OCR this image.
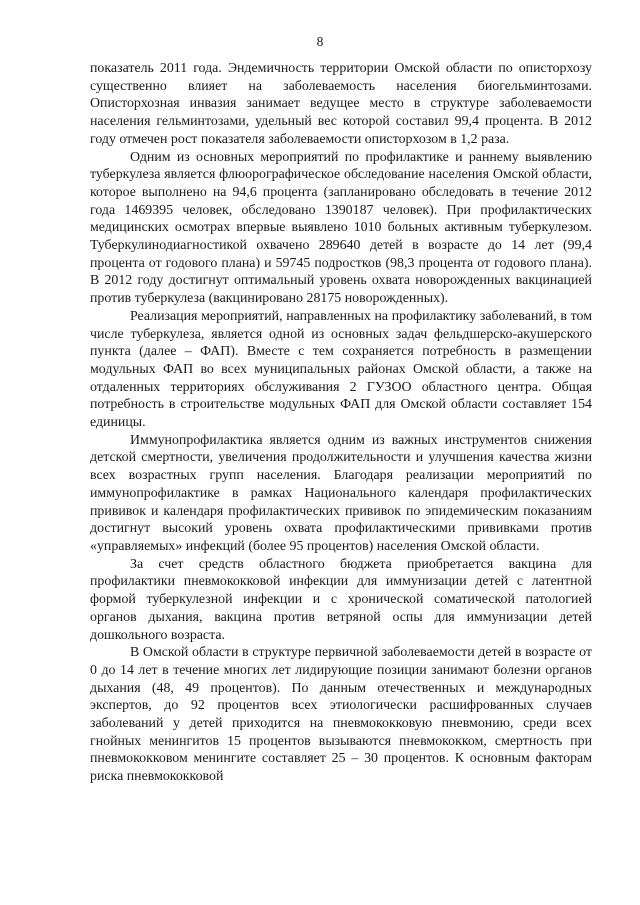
8

показатель 2011 года. Эндемичность территории Омской области по описторхозу существенно влияет на заболеваемость населения биогельминтозами. Описторхозная инвазия занимает ведущее место в структуре заболеваемости населения гельминтозами, удельный вес которой составил 99,4 процента. В 2012 году отмечен рост показателя заболеваемости описторхозом в 1,2 раза.

Одним из основных мероприятий по профилактике и раннему выявлению туберкулеза является флюорографическое обследование населения Омской области, которое выполнено на 94,6 процента (запланировано обследовать в течение 2012 года 1469395 человек, обследовано 1390187 человек). При профилактических медицинских осмотрах впервые выявлено 1010 больных активным туберкулезом. Туберкулинодиагностикой охвачено 289640 детей в возрасте до 14 лет (99,4 процента от годового плана) и 59745 подростков (98,3 процента от годового плана). В 2012 году достигнут оптимальный уровень охвата новорожденных вакцинацией против туберкулеза (вакцинировано 28175 новорожденных).

Реализация мероприятий, направленных на профилактику заболеваний, в том числе туберкулеза, является одной из основных задач фельдшерско-акушерского пункта (далее – ФАП). Вместе с тем сохраняется потребность в размещении модульных ФАП во всех муниципальных районах Омской области, а также на отдаленных территориях обслуживания 2 ГУЗОО областного центра. Общая потребность в строительстве модульных ФАП для Омской области составляет 154 единицы.

Иммунопрофилактика является одним из важных инструментов снижения детской смертности, увеличения продолжительности и улучшения качества жизни всех возрастных групп населения. Благодаря реализации мероприятий по иммунопрофилактике в рамках Национального календаря профилактических прививок и календаря профилактических прививок по эпидемическим показаниям достигнут высокий уровень охвата профилактическими прививками против «управляемых» инфекций (более 95 процентов) населения Омской области.

За счет средств областного бюджета приобретается вакцина для профилактики пневмококковой инфекции для иммунизации детей с латентной формой туберкулезной инфекции и с хронической соматической патологией органов дыхания, вакцина против ветряной оспы для иммунизации детей дошкольного возраста.

В Омской области в структуре первичной заболеваемости детей в возрасте от 0 до 14 лет в течение многих лет лидирующие позиции занимают болезни органов дыхания (48, 49 процентов). По данным отечественных и международных экспертов, до 92 процентов всех этиологически расшифрованных случаев заболеваний у детей приходится на пневмококковую пневмонию, среди всех гнойных менингитов 15 процентов вызываются пневмококком, смертность при пневмококковом менингите составляет 25 – 30 процентов. К основным факторам риска пневмококковой
